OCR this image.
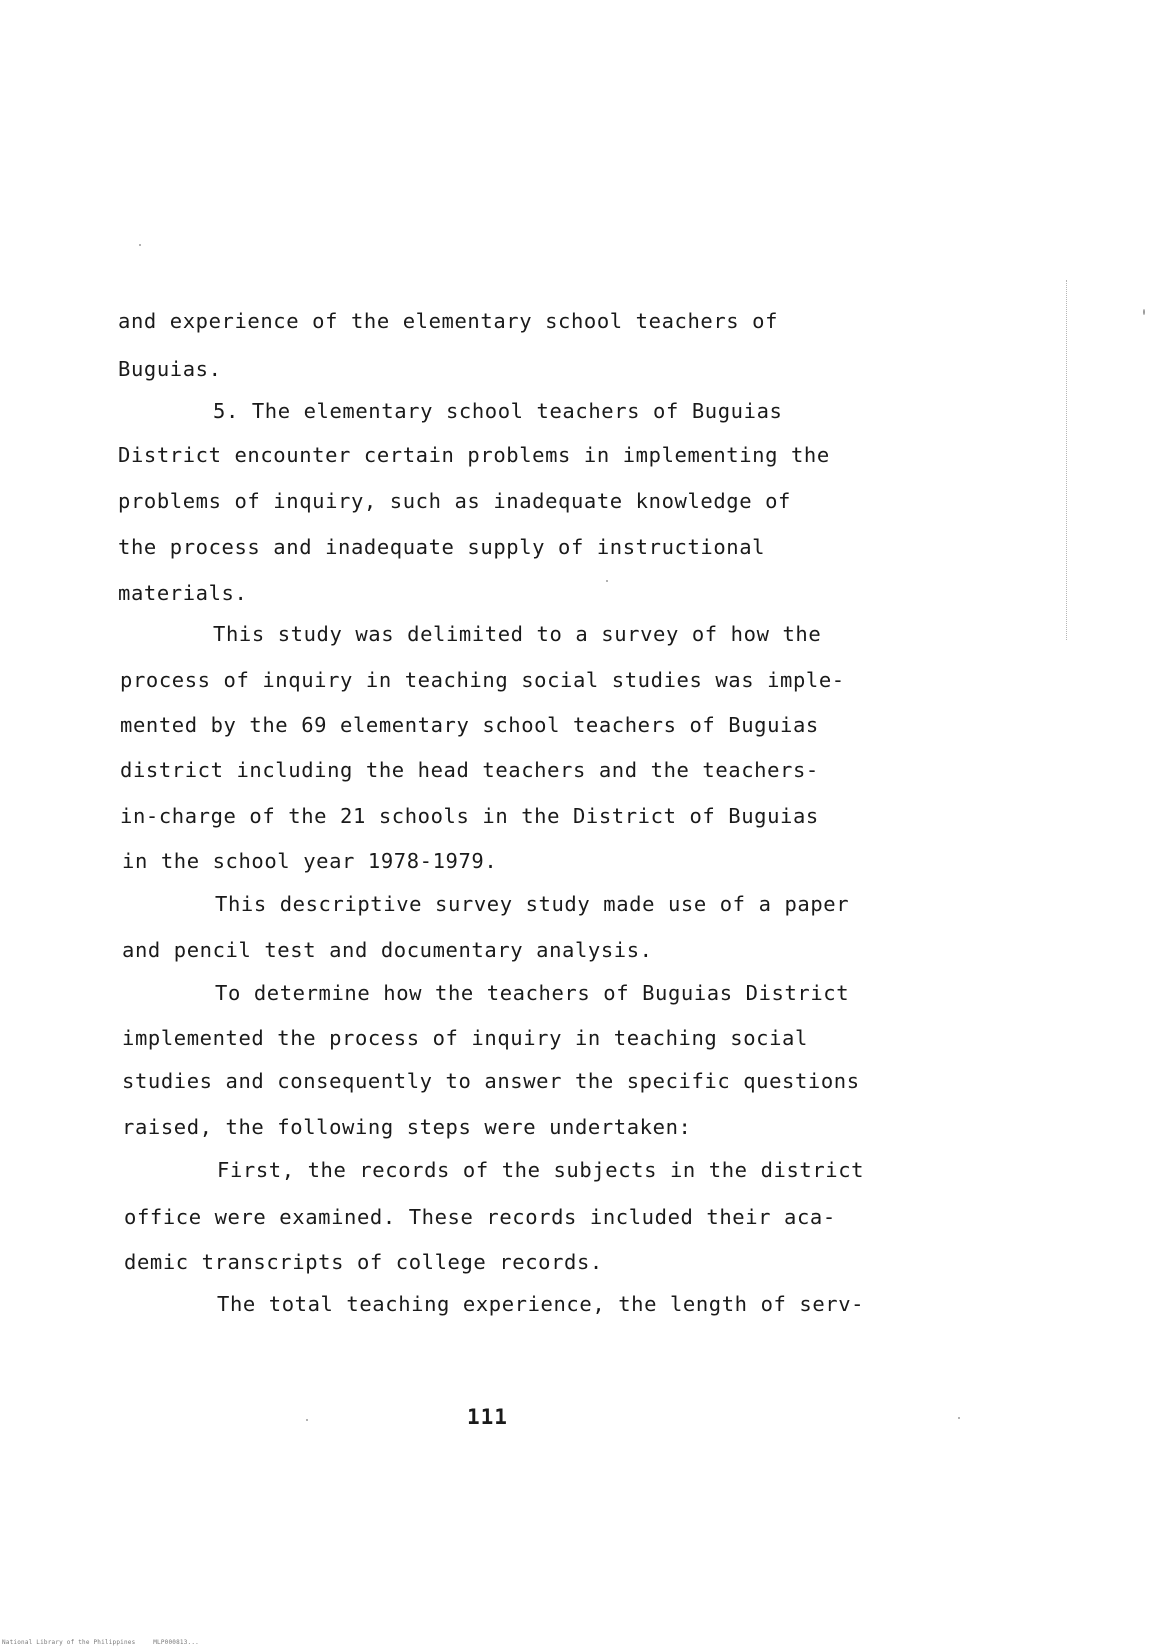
and experience of the elementary school teachers of
Buguias.
5. The elementary school teachers of Buguias
District encounter certain problems in implementing the
problems of inquiry, such as inadequate knowledge of
the process and inadequate supply of instructional
materials.
This study was delimited to a survey of how the
process of inquiry in teaching social studies was imple-
mented by the 69 elementary school teachers of Buguias
district including the head teachers and the teachers-
in-charge of the 21 schools in the District of Buguias
in the school year 1978-1979.
This descriptive survey study made use of a paper
and pencil test and documentary analysis.
To determine how the teachers of Buguias District
implemented the process of inquiry in teaching social
studies and consequently to answer the specific questions
raised, the following steps were undertaken:
First, the records of the subjects in the district
office were examined. These records included their aca-
demic transcripts of college records.
The total teaching experience, the length of serv-
111
National Library of the Philippines	MLP000813...
